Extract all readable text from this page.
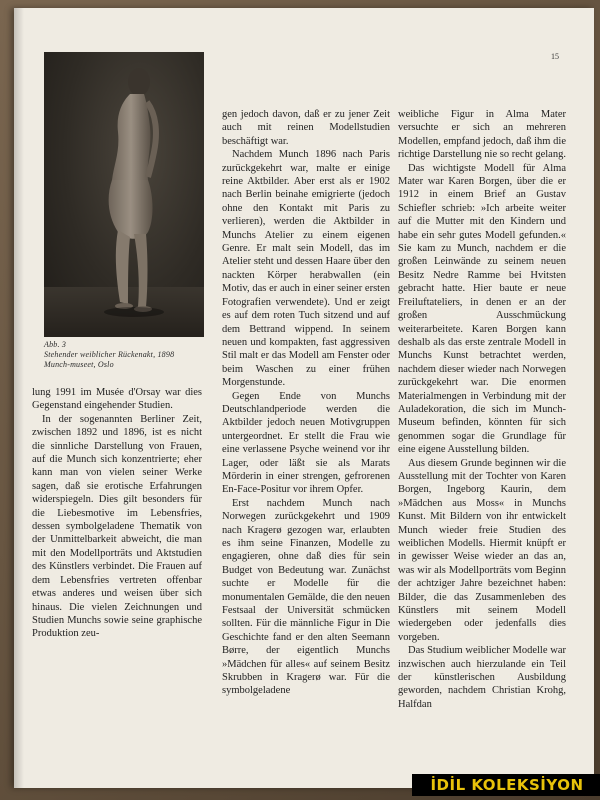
15
Abb. 3
Stehender weiblicher Rückenakt, 1898
Munch-museet, Oslo

lung 1991 im Musée d'Orsay war dies Gegenstand eingehender Studien.

In der sogenannten Berliner Zeit, zwischen 1892 und 1896, ist es nicht die sinnliche Darstellung von Frauen, auf die Munch sich konzentrierte; eher kann man von vielen seiner Werke sagen, daß sie erotische Erfahrungen widerspiegeln. Dies gilt besonders für die Liebesmotive im Lebensfries, dessen symbolgeladene Thematik von der Unmittelbarkeit abweicht, die man mit den Modellporträts und Aktstudien des Künstlers verbindet. Die Frauen auf dem Lebensfries vertreten offenbar etwas anderes und weisen über sich hinaus. Die vielen Zeichnungen und Studien Munchs sowie seine graphische Produktion zeu-

gen jedoch davon, daß er zu jener Zeit auch mit reinen Modellstudien beschäftigt war.

Nachdem Munch 1896 nach Paris zurückgekehrt war, malte er einige reine Aktbilder. Aber erst als er 1902 nach Berlin beinahe emigrierte (jedoch ohne den Kontakt mit Paris zu verlieren), werden die Aktbilder in Munchs Atelier zu einem eigenen Genre. Er malt sein Modell, das im Atelier steht und dessen Haare über den nackten Körper herabwallen (ein Motiv, das er auch in einer seiner ersten Fotografien verwendete). Und er zeigt es auf dem roten Tuch sitzend und auf dem Bettrand wippend. In seinem neuen und kompakten, fast aggressiven Stil malt er das Modell am Fenster oder beim Waschen zu einer frühen Morgenstunde.

Gegen Ende von Munchs Deutschlandperiode werden die Aktbilder jedoch neuen Motivgruppen untergeordnet. Er stellt die Frau wie eine verlassene Psyche weinend vor ihr Lager, oder läßt sie als Marats Mörderin in einer strengen, gefrorenen En-Face-Positur vor ihrem Opfer.

Erst nachdem Munch nach Norwegen zurückgekehrt und 1909 nach Kragerø gezogen war, erlaubten es ihm seine Finanzen, Modelle zu engagieren, ohne daß dies für sein Budget von Bedeutung war. Zunächst suchte er Modelle für die monumentalen Gemälde, die den neuen Festsaal der Universität schmücken sollten. Für die männliche Figur in Die Geschichte fand er den alten Seemann Børre, der eigentlich Munchs »Mädchen für alles« auf seinem Besitz Skrubben in Kragerø war. Für die symbolgeladene

weibliche Figur in Alma Mater versuchte er sich an mehreren Modellen, empfand jedoch, daß ihm die richtige Darstellung nie so recht gelang.

Das wichtigste Modell für Alma Mater war Karen Borgen, über die er 1912 in einem Brief an Gustav Schiefler schrieb: »Ich arbeite weiter auf die Mutter mit den Kindern und habe ein sehr gutes Modell gefunden.« Sie kam zu Munch, nachdem er die großen Leinwände zu seinem neuen Besitz Nedre Ramme bei Hvitsten gebracht hatte. Hier baute er neue Freiluftateliers, in denen er an der großen Ausschmückung weiterarbeitete. Karen Borgen kann deshalb als das erste zentrale Modell in Munchs Kunst betrachtet werden, nachdem dieser wieder nach Norwegen zurückgekehrt war. Die enormen Materialmengen in Verbindung mit der Auladekoration, die sich im Munch-Museum befinden, könnten für sich genommen sogar die Grundlage für eine eigene Ausstellung bilden.

Aus diesem Grunde beginnen wir die Ausstellung mit der Tochter von Karen Borgen, Ingeborg Kaurin, dem »Mädchen aus Moss« in Munchs Kunst. Mit Bildern von ihr entwickelt Munch wieder freie Studien des weiblichen Modells. Hiermit knüpft er in gewisser Weise wieder an das an, was wir als Modellporträts vom Beginn der achtziger Jahre bezeichnet haben: Bilder, die das Zusammenleben des Künstlers mit seinem Modell wiedergeben oder jedenfalls dies vorgeben.

Das Studium weiblicher Modelle war inzwischen auch hierzulande ein Teil der künstlerischen Ausbildung geworden, nachdem Christian Krohg, Halfdan

İDİL KOLEKSİYON
